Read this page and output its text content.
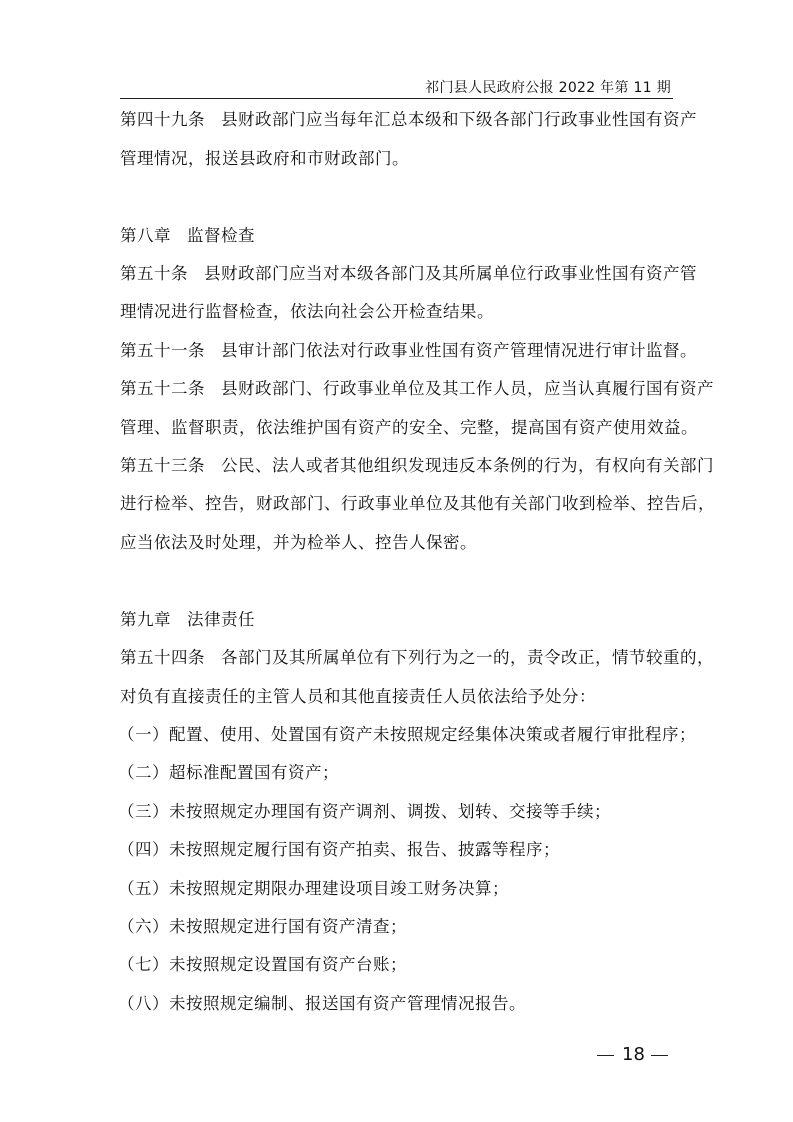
祁门县人民政府公报 2022 年第 11 期
第四十九条 县财政部门应当每年汇总本级和下级各部门行政事业性国有资产
管理情况，报送县政府和市财政部门。
第八章 监督检查
第五十条 县财政部门应当对本级各部门及其所属单位行政事业性国有资产管
理情况进行监督检查，依法向社会公开检查结果。
第五十一条 县审计部门依法对行政事业性国有资产管理情况进行审计监督。
第五十二条 县财政部门、行政事业单位及其工作人员，应当认真履行国有资产
管理、监督职责，依法维护国有资产的安全、完整，提高国有资产使用效益。
第五十三条 公民、法人或者其他组织发现违反本条例的行为，有权向有关部门
进行检举、控告，财政部门、行政事业单位及其他有关部门收到检举、控告后，
应当依法及时处理，并为检举人、控告人保密。
第九章 法律责任
第五十四条 各部门及其所属单位有下列行为之一的，责令改正，情节较重的，
对负有直接责任的主管人员和其他直接责任人员依法给予处分：
（一）配置、使用、处置国有资产未按照规定经集体决策或者履行审批程序；
（二）超标准配置国有资产；
（三）未按照规定办理国有资产调剂、调拨、划转、交接等手续；
（四）未按照规定履行国有资产拍卖、报告、披露等程序；
（五）未按照规定期限办理建设项目竣工财务决算；
（六）未按照规定进行国有资产清查；
（七）未按照规定设置国有资产台账；
（八）未按照规定编制、报送国有资产管理情况报告。
18
